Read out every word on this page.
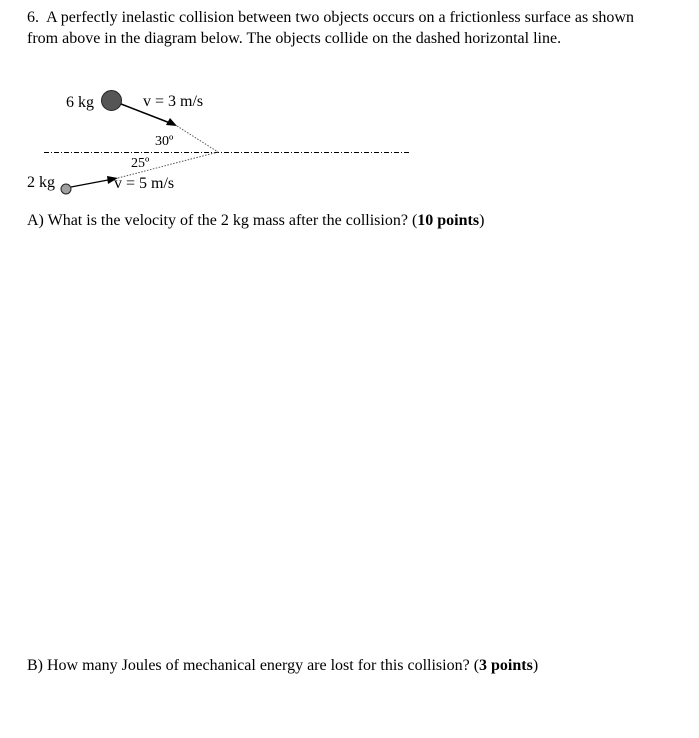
6. A perfectly inelastic collision between two objects occurs on a frictionless surface as shown from above in the diagram below. The objects collide on the dashed horizontal line.
6 kg	v = 3 m/s
30º
2 kg
25º
v = 5 m/s
A) What is the velocity of the 2 kg mass after the collision? (10 points)
B) How many Joules of mechanical energy are lost for this collision? (3 points)
